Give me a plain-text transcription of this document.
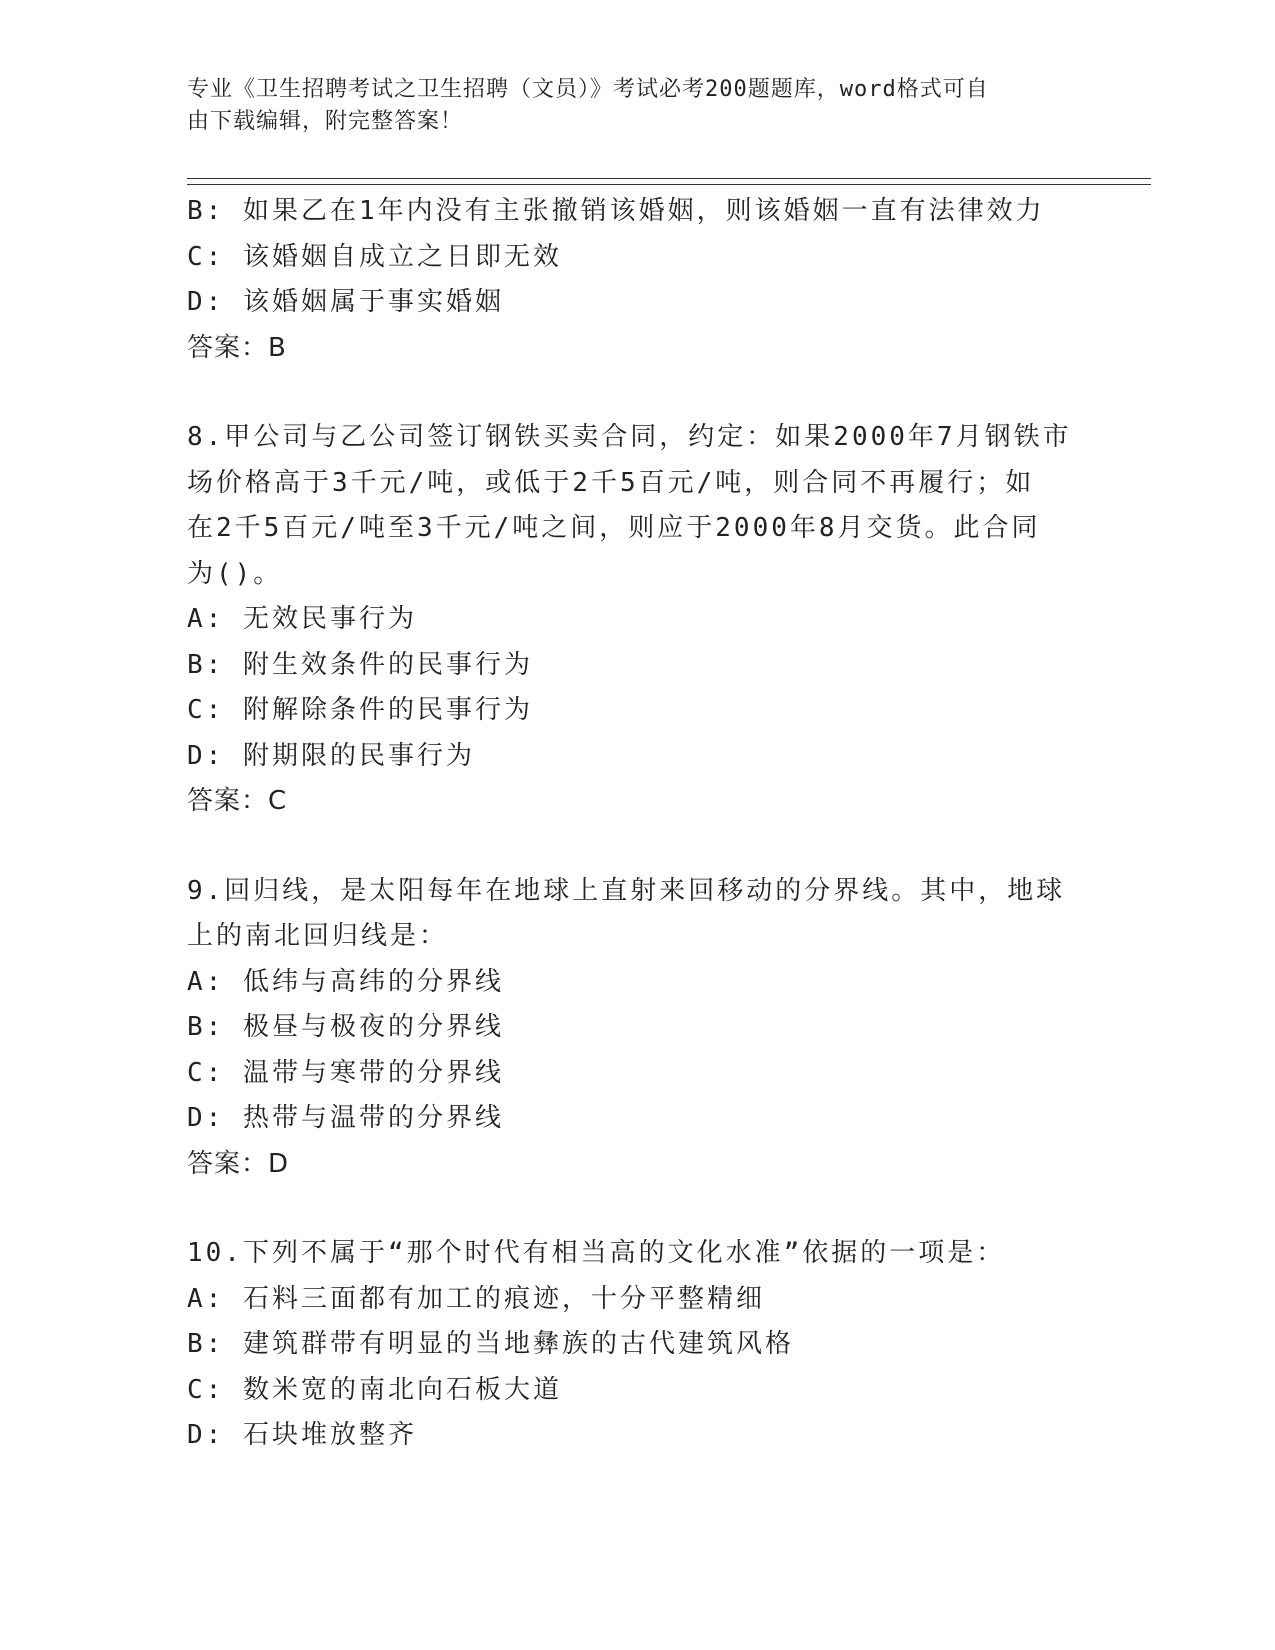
专业《卫生招聘考试之卫生招聘（文员）》考试必考200题题库，word格式可自
由下载编辑，附完整答案！
B: 如果乙在1年内没有主张撤销该婚姻，则该婚姻一直有法律效力
C: 该婚姻自成立之日即无效
D: 该婚姻属于事实婚姻
答案：B
8.甲公司与乙公司签订钢铁买卖合同，约定：如果2000年7月钢铁市
场价格高于3千元/吨，或低于2千5百元/吨，则合同不再履行；如
在2千5百元/吨至3千元/吨之间，则应于2000年8月交货。此合同
为()。
A: 无效民事行为
B: 附生效条件的民事行为
C: 附解除条件的民事行为
D: 附期限的民事行为
答案：C
9.回归线，是太阳每年在地球上直射来回移动的分界线。其中，地球
上的南北回归线是：
A: 低纬与高纬的分界线
B: 极昼与极夜的分界线
C: 温带与寒带的分界线
D: 热带与温带的分界线
答案：D
10.下列不属于“那个时代有相当高的文化水准”依据的一项是：
A: 石料三面都有加工的痕迹，十分平整精细
B: 建筑群带有明显的当地彝族的古代建筑风格
C: 数米宽的南北向石板大道
D: 石块堆放整齐
